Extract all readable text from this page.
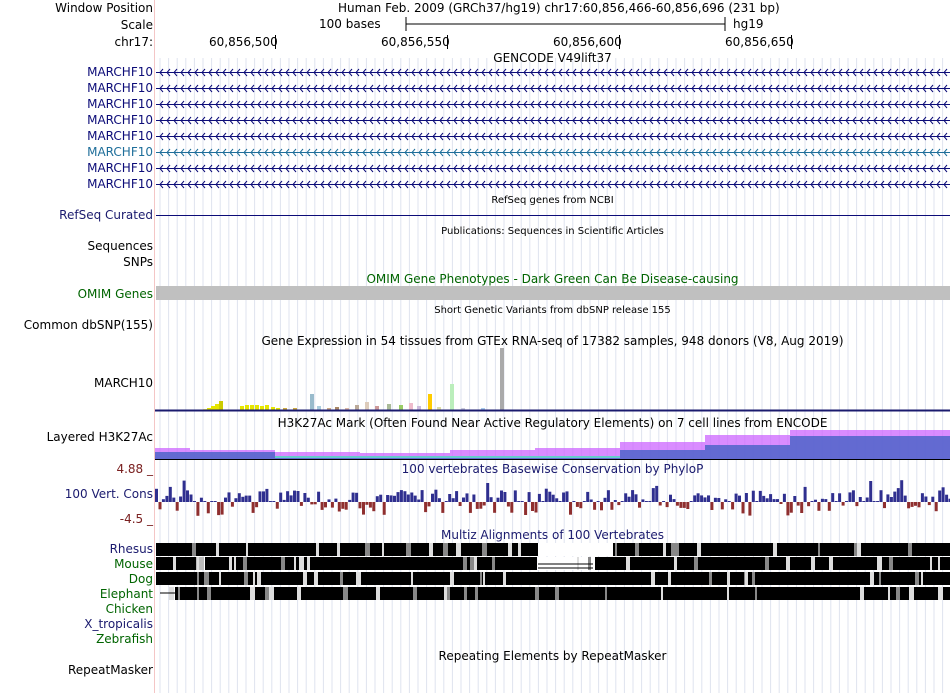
Window Position	Human Feb. 2009 (GRCh37/hg19) chr17:60,856,466-60,856,696 (231 bp)
Scale	100 bases	hg19
chr17:	60,856,500	60,856,550	60,856,600	60,856,650
GENCODE V49lift37
MARCHF10
MARCHF10
MARCHF10
MARCHF10
MARCHF10
MARCHF10
MARCHF10
MARCHF10
RefSeq genes from NCBI
RefSeq Curated
Publications: Sequences in Scientific Articles
Sequences
SNPs
OMIM Gene Phenotypes - Dark Green Can Be Disease-causing
OMIM Genes
Short Genetic Variants from dbSNP release 155
Common dbSNP(155)
Gene Expression in 54 tissues from GTEx RNA-seq of 17382 samples, 948 donors (V8, Aug 2019)
MARCH10
H3K27Ac Mark (Often Found Near Active Regulatory Elements) on 7 cell lines from ENCODE
Layered H3K27Ac
100 vertebrates Basewise Conservation by PhyloP
4.88 _
100 Vert. Cons
-4.5 _
Multiz Alignments of 100 Vertebrates
Rhesus
Mouse
Dog
Elephant
Chicken
X_tropicalis
Zebrafish
Repeating Elements by RepeatMasker
RepeatMasker
